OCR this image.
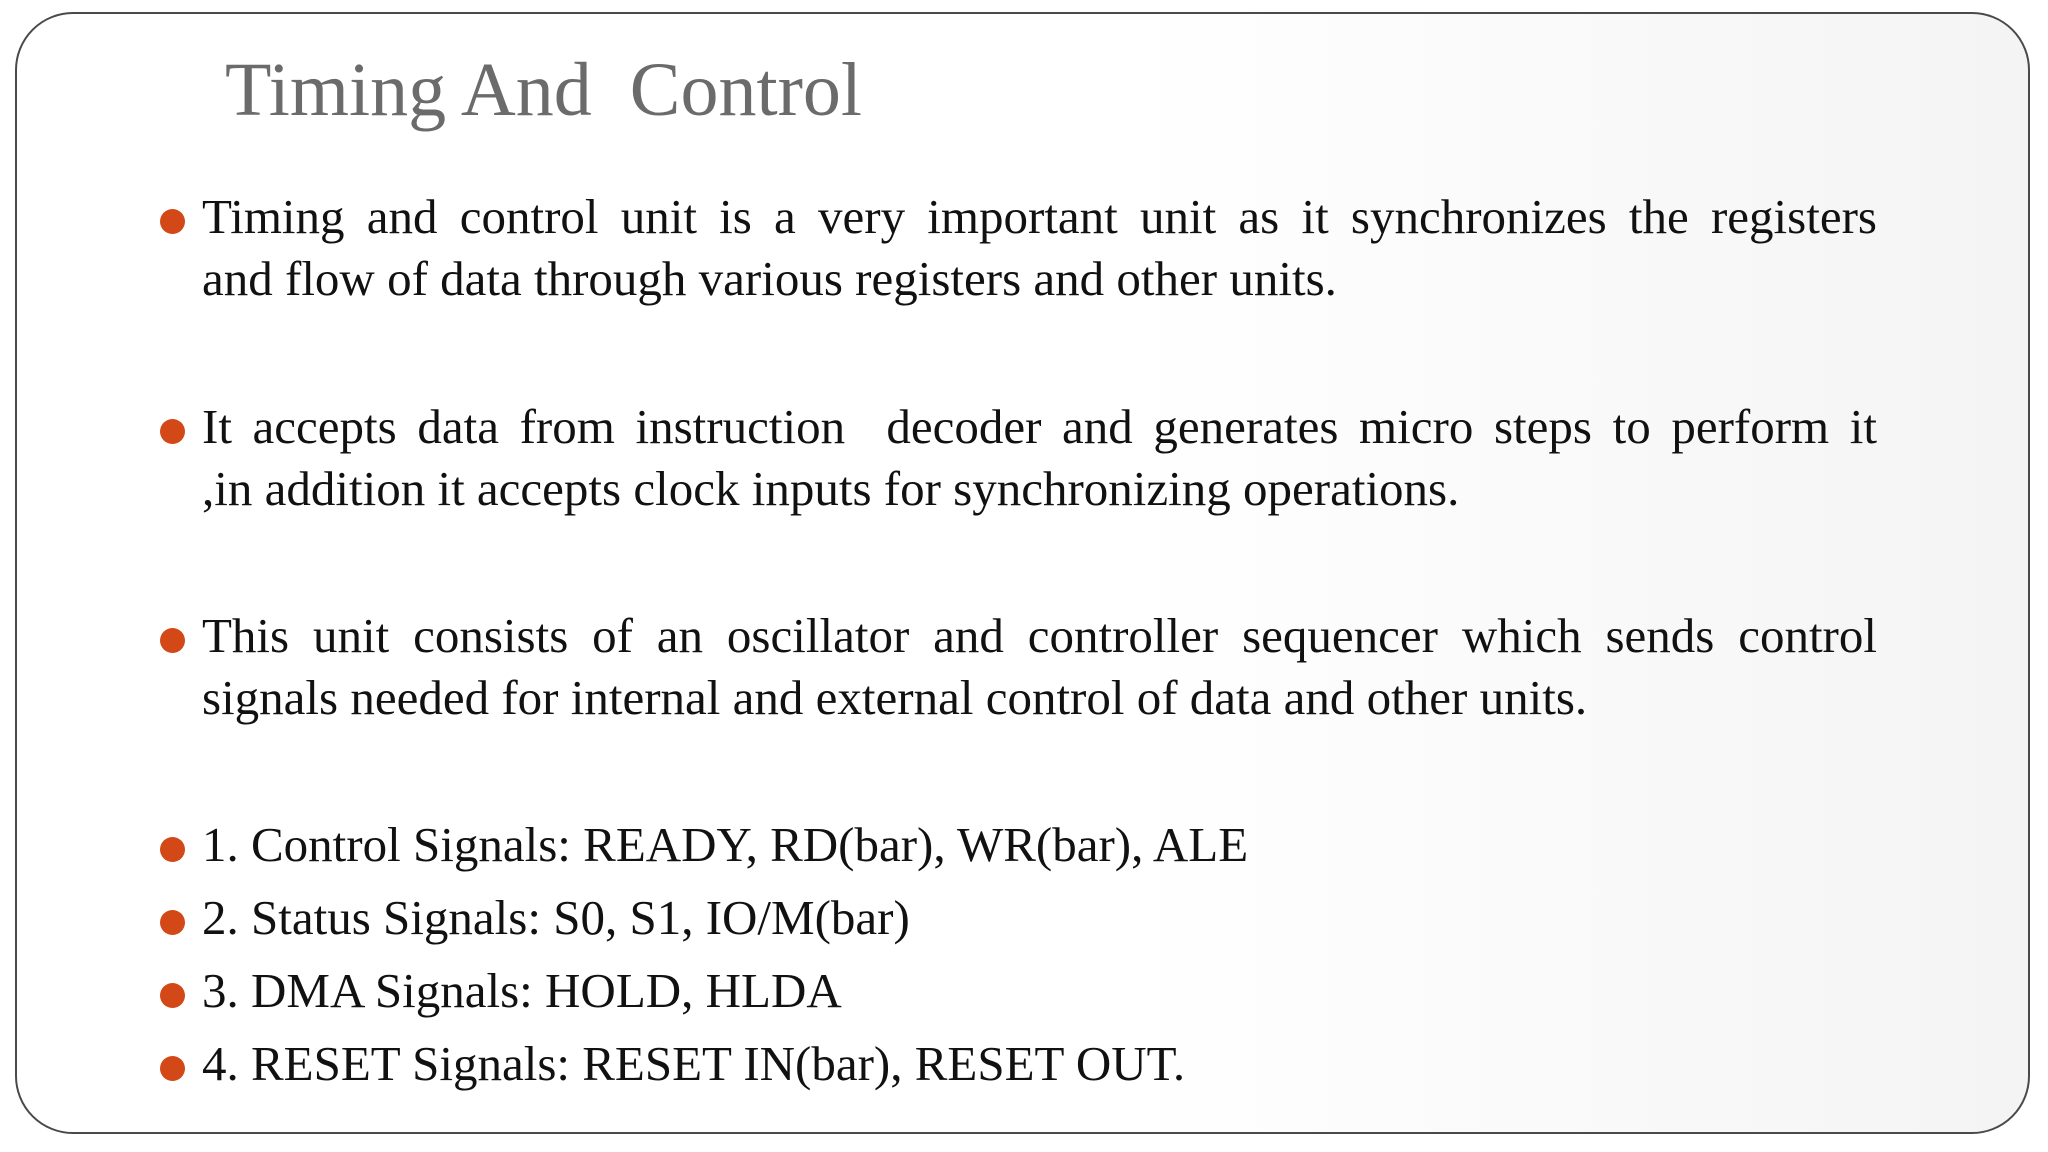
Timing And  Control
Timing and control unit is a very important unit as it synchronizes the registers
and flow of data through various registers and other units.
It accepts data from instruction  decoder and generates micro steps to perform it
,in addition it accepts clock inputs for synchronizing operations.
This unit consists of an oscillator and controller sequencer which sends control
signals needed for internal and external control of data and other units.
1. Control Signals: READY, RD(bar), WR(bar), ALE
2. Status Signals: S0, S1, IO/M(bar)
3. DMA Signals: HOLD, HLDA
4. RESET Signals: RESET IN(bar), RESET OUT.
